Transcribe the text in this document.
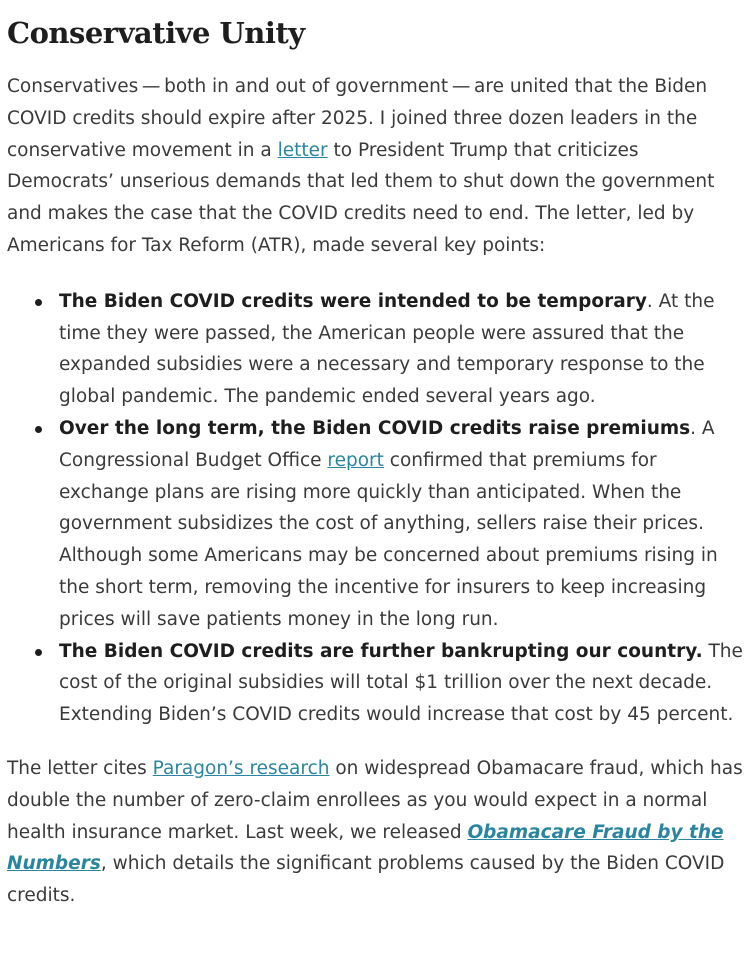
Conservative Unity

Conservatives — both in and out of government — are united that the Biden COVID credits should expire after 2025. I joined three dozen leaders in the conservative movement in a letter to President Trump that criticizes Democrats’ unserious demands that led them to shut down the government and makes the case that the COVID credits need to end. The letter, led by Americans for Tax Reform (ATR), made several key points:

The Biden COVID credits were intended to be temporary. At the time they were passed, the American people were assured that the expanded subsidies were a necessary and temporary response to the global pandemic. The pandemic ended several years ago.
Over the long term, the Biden COVID credits raise premiums. A Congressional Budget Office report confirmed that premiums for exchange plans are rising more quickly than anticipated. When the government subsidizes the cost of anything, sellers raise their prices. Although some Americans may be concerned about premiums rising in the short term, removing the incentive for insurers to keep increasing prices will save patients money in the long run.
The Biden COVID credits are further bankrupting our country. The cost of the original subsidies will total $1 trillion over the next decade. Extending Biden’s COVID credits would increase that cost by 45 percent.

The letter cites Paragon’s research on widespread Obamacare fraud, which has double the number of zero-claim enrollees as you would expect in a normal health insurance market. Last week, we released Obamacare Fraud by the Numbers, which details the significant problems caused by the Biden COVID credits.
